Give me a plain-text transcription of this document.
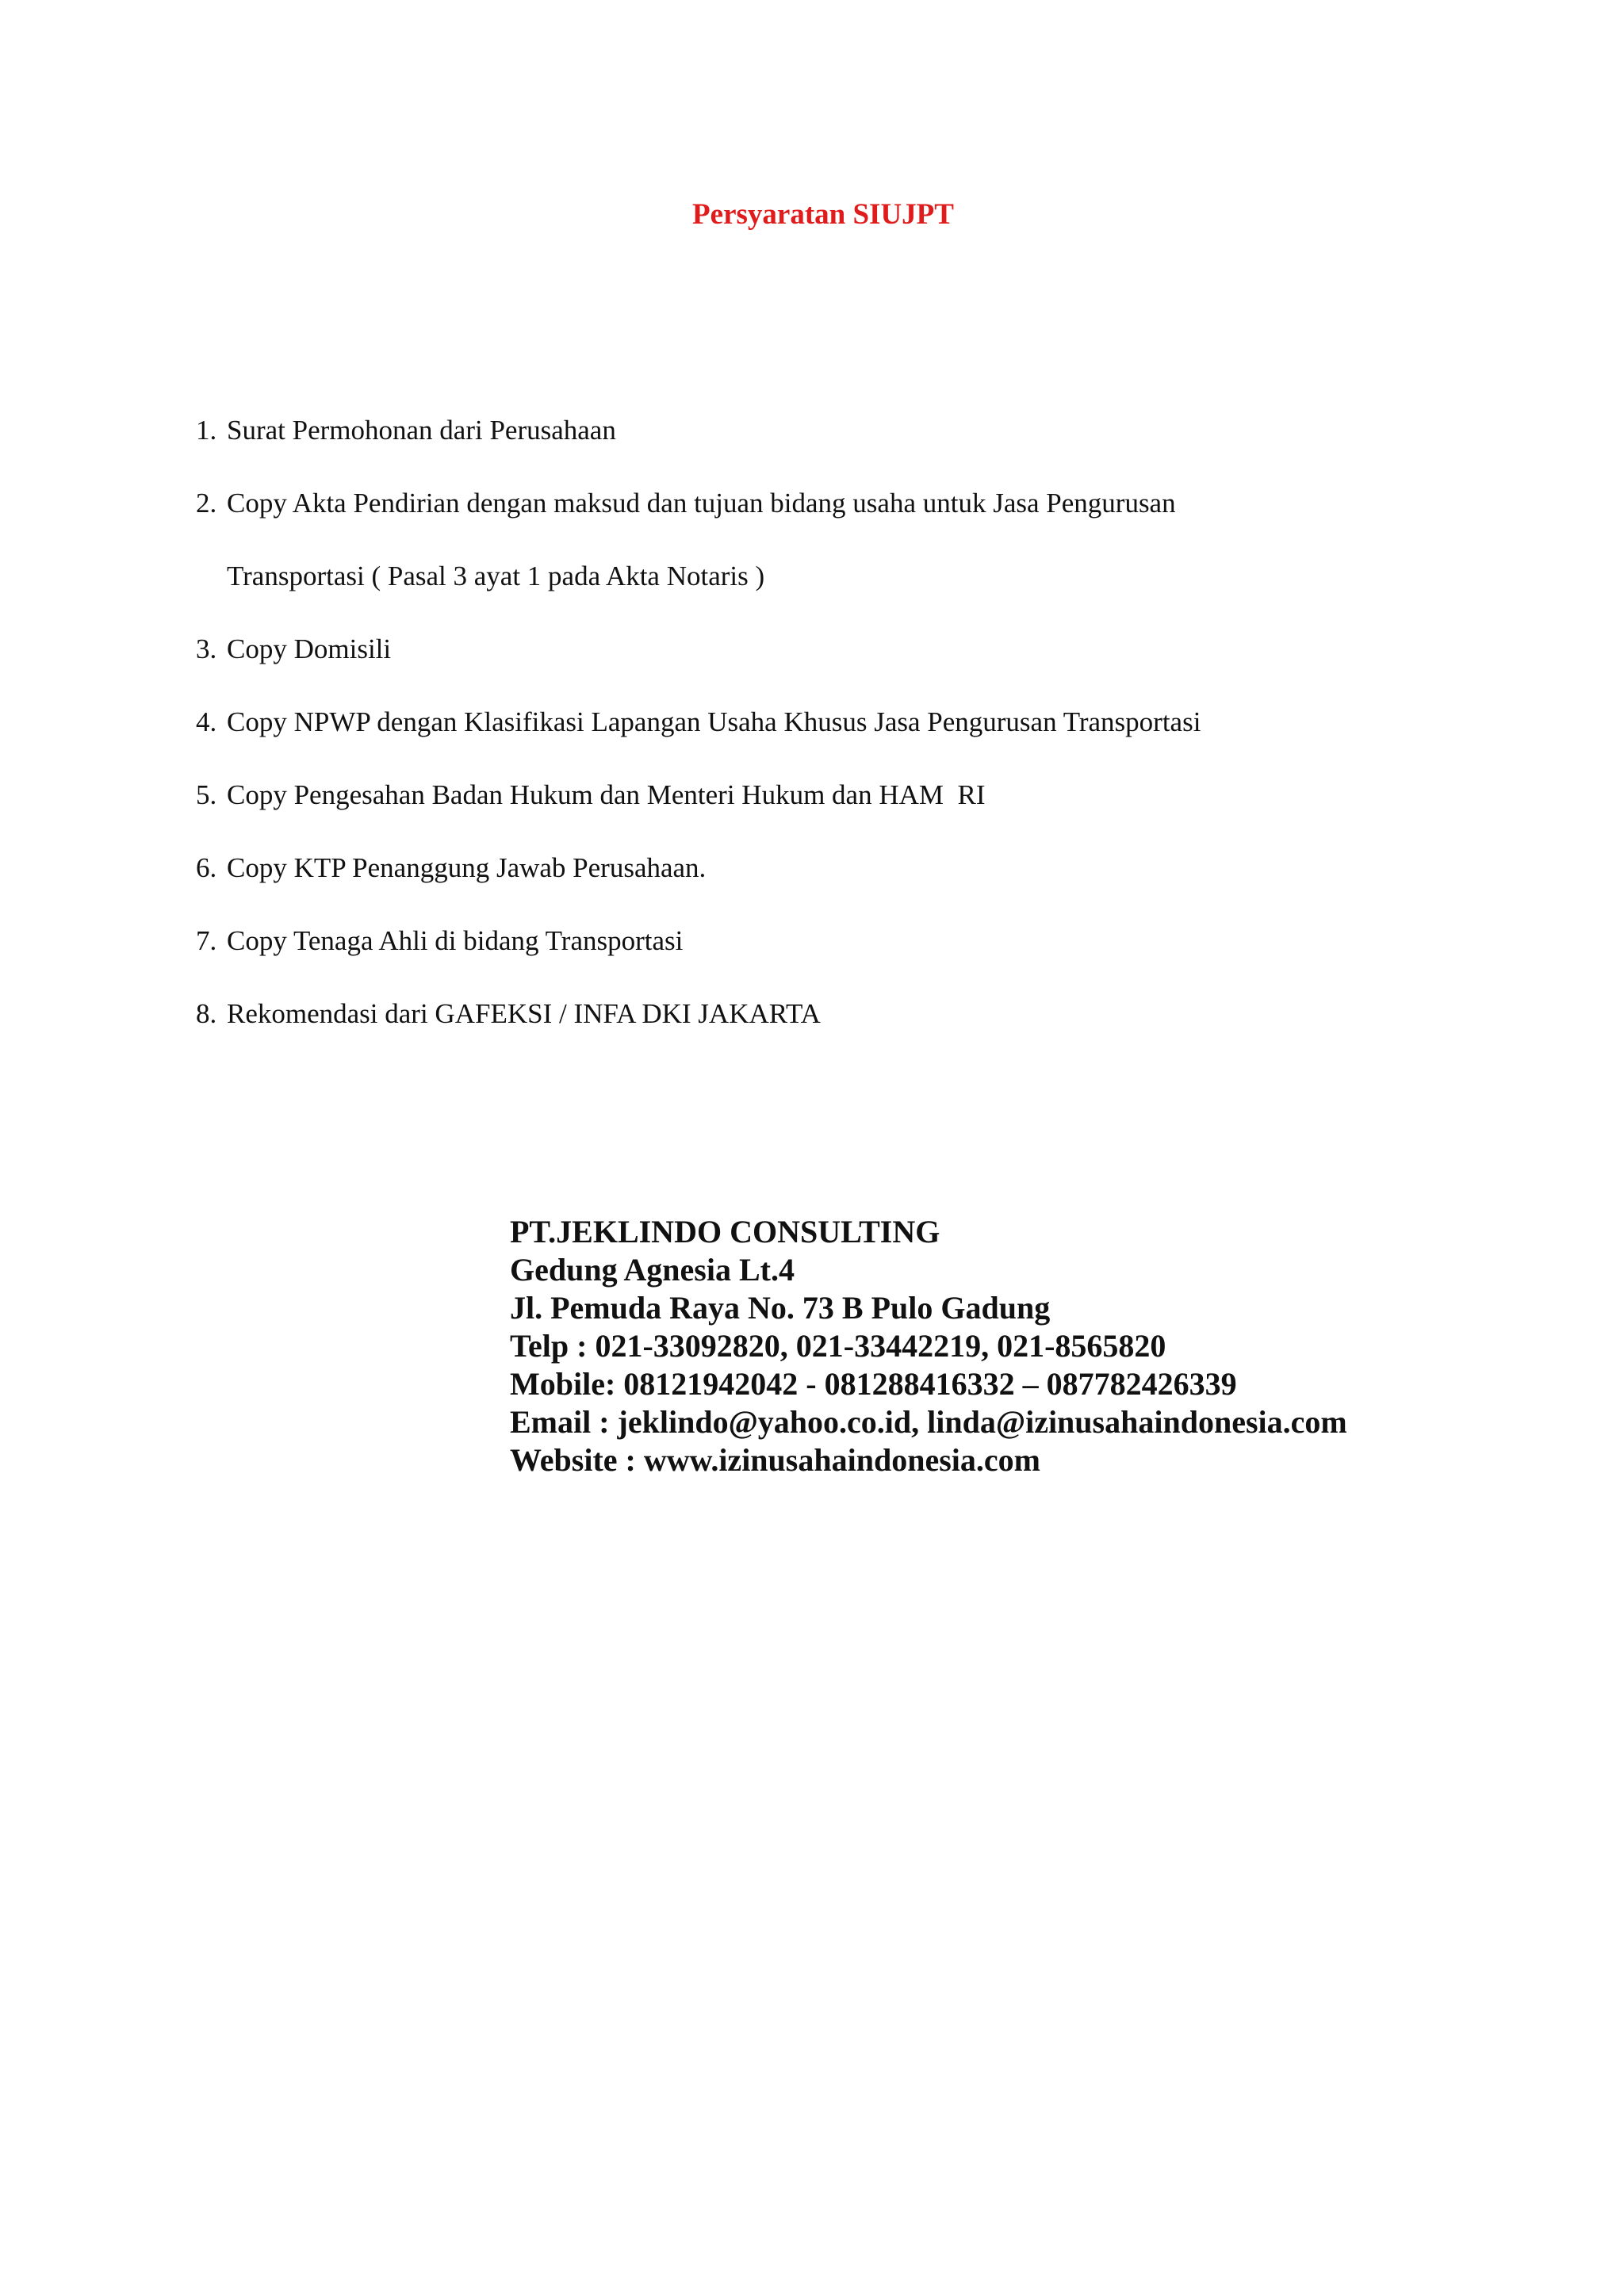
Persyaratan SIUJPT
1. Surat Permohonan dari Perusahaan
2. Copy Akta Pendirian dengan maksud dan tujuan bidang usaha untuk Jasa Pengurusan
Transportasi ( Pasal 3 ayat 1 pada Akta Notaris )
3. Copy Domisili
4. Copy NPWP dengan Klasifikasi Lapangan Usaha Khusus Jasa Pengurusan Transportasi
5. Copy Pengesahan Badan Hukum dan Menteri Hukum dan HAM  RI
6. Copy KTP Penanggung Jawab Perusahaan.
7. Copy Tenaga Ahli di bidang Transportasi
8. Rekomendasi dari GAFEKSI / INFA DKI JAKARTA
PT.JEKLINDO CONSULTING
Gedung Agnesia Lt.4
Jl. Pemuda Raya No. 73 B Pulo Gadung
Telp : 021-33092820, 021-33442219, 021-8565820
Mobile: 08121942042 - 081288416332 – 087782426339
Email : jeklindo@yahoo.co.id, linda@izinusahaindonesia.com
Website : www.izinusahaindonesia.com
